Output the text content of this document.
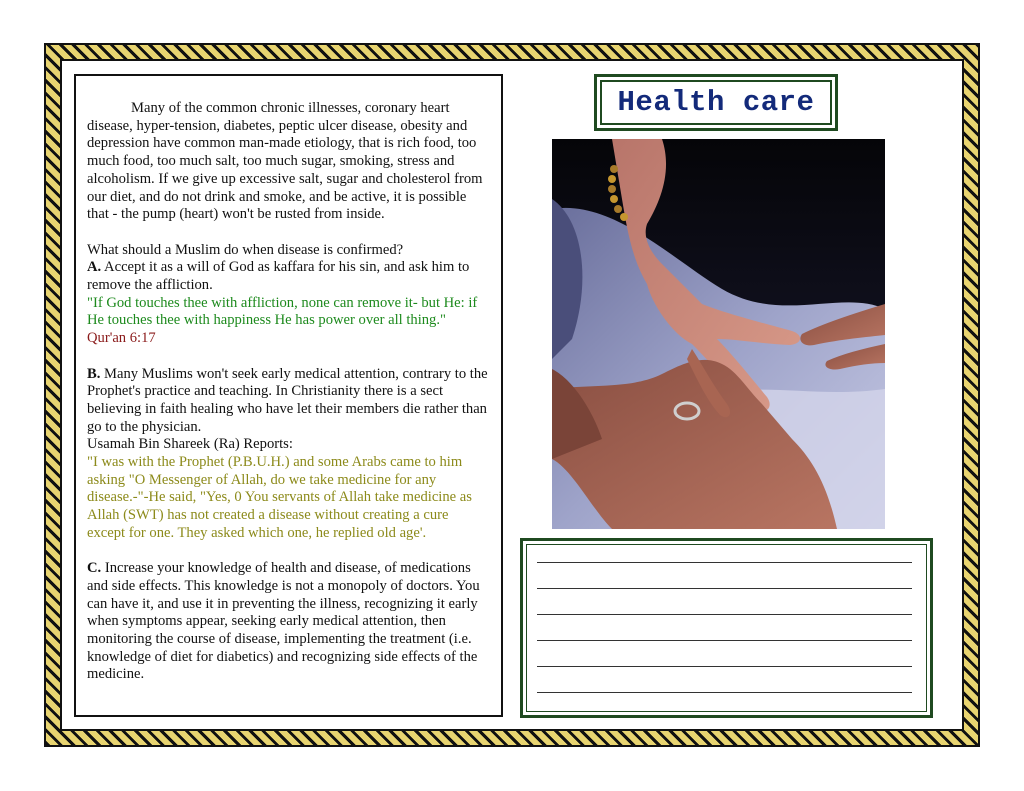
Many of the common chronic illnesses, coronary heart disease, hyper-tension, diabetes, peptic ulcer disease, obesity and depression have common man-made etiology, that is rich food, too much food, too much salt, too much sugar, smoking, stress and alcoholism. If we give up excessive salt, sugar and cholesterol from our diet, and do not drink and smoke, and be active, it is possible that - the pump (heart) won't be rusted from inside.

What should a Muslim do when disease is confirmed?

A. Accept it as a will of God as kaffara for his sin, and ask him to remove the affliction.

"If God touches thee with affliction, none can remove it- but He: if He touches thee with happiness He has power over all thing."

Qur'an 6:17

B. Many Muslims won't seek early medical attention, contrary to the Prophet's practice and teaching. In Christianity there is a sect believing in faith healing who have let their members die rather than go to the physician.

Usamah Bin Shareek (Ra) Reports:

"I was with the Prophet (P.B.U.H.) and some Arabs came to him asking "O Messenger of Allah, do we take medicine for any disease.-"-He said, "Yes, 0 You servants of Allah take medicine as Allah (SWT) has not created a disease without creating a cure except for one. They asked which one, he replied old age'.

C. Increase your knowledge of health and disease, of medications and side effects. This knowledge is not a monopoly of doctors. You can have it, and use it in preventing the illness, recognizing it early when symptoms appear, seeking early medical attention, then monitoring the course of disease, implementing the treatment (i.e. knowledge of diet for diabetics) and recognizing side effects of the medicine.

Health care
